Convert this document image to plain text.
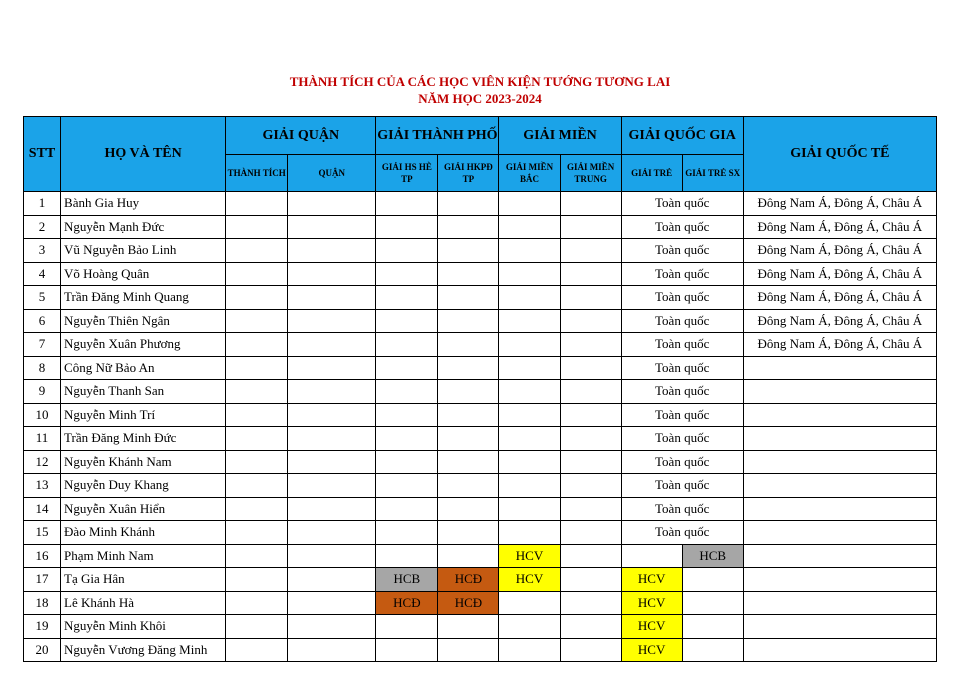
THÀNH TÍCH CỦA CÁC HỌC VIÊN KIỆN TƯỚNG TƯƠNG LAI
NĂM HỌC 2023-2024
STT	HỌ VÀ TÊN	GIẢI QUẬN		GIẢI THÀNH PHỐ		GIẢI MIỀN		GIẢI QUỐC GIA		GIẢI QUỐC TẾ
		THÀNH TÍCH	QUẬN	GIẢI HS HÈ TP	GIẢI HKPĐ TP	GIẢI MIỀN BẮC	GIẢI MIỀN TRUNG	GIẢI TRẺ	GIẢI TRẺ SX	
1	Bành Gia Huy							Toàn quốc		Đông Nam Á, Đông Á, Châu Á
2	Nguyễn Mạnh Đức							Toàn quốc		Đông Nam Á, Đông Á, Châu Á
3	Vũ Nguyễn Bảo Linh							Toàn quốc		Đông Nam Á, Đông Á, Châu Á
4	Võ Hoàng Quân							Toàn quốc		Đông Nam Á, Đông Á, Châu Á
5	Trần Đăng Minh Quang							Toàn quốc		Đông Nam Á, Đông Á, Châu Á
6	Nguyễn Thiên Ngân							Toàn quốc		Đông Nam Á, Đông Á, Châu Á
7	Nguyễn Xuân Phương							Toàn quốc		Đông Nam Á, Đông Á, Châu Á
8	Công Nữ Bảo An							Toàn quốc		
9	Nguyễn Thanh San							Toàn quốc		
10	Nguyễn Minh Trí							Toàn quốc		
11	Trần Đăng Minh Đức							Toàn quốc		
12	Nguyễn Khánh Nam							Toàn quốc		
13	Nguyễn Duy Khang							Toàn quốc		
14	Nguyễn Xuân Hiển							Toàn quốc		
15	Đào Minh Khánh							Toàn quốc		
16	Phạm Minh Nam					HCV			HCB	
17	Tạ Gia Hân			HCB	HCĐ	HCV		HCV		
18	Lê Khánh Hà			HCĐ	HCĐ			HCV		
19	Nguyễn Minh Khôi							HCV		
20	Nguyễn Vương Đăng Minh							HCV		
